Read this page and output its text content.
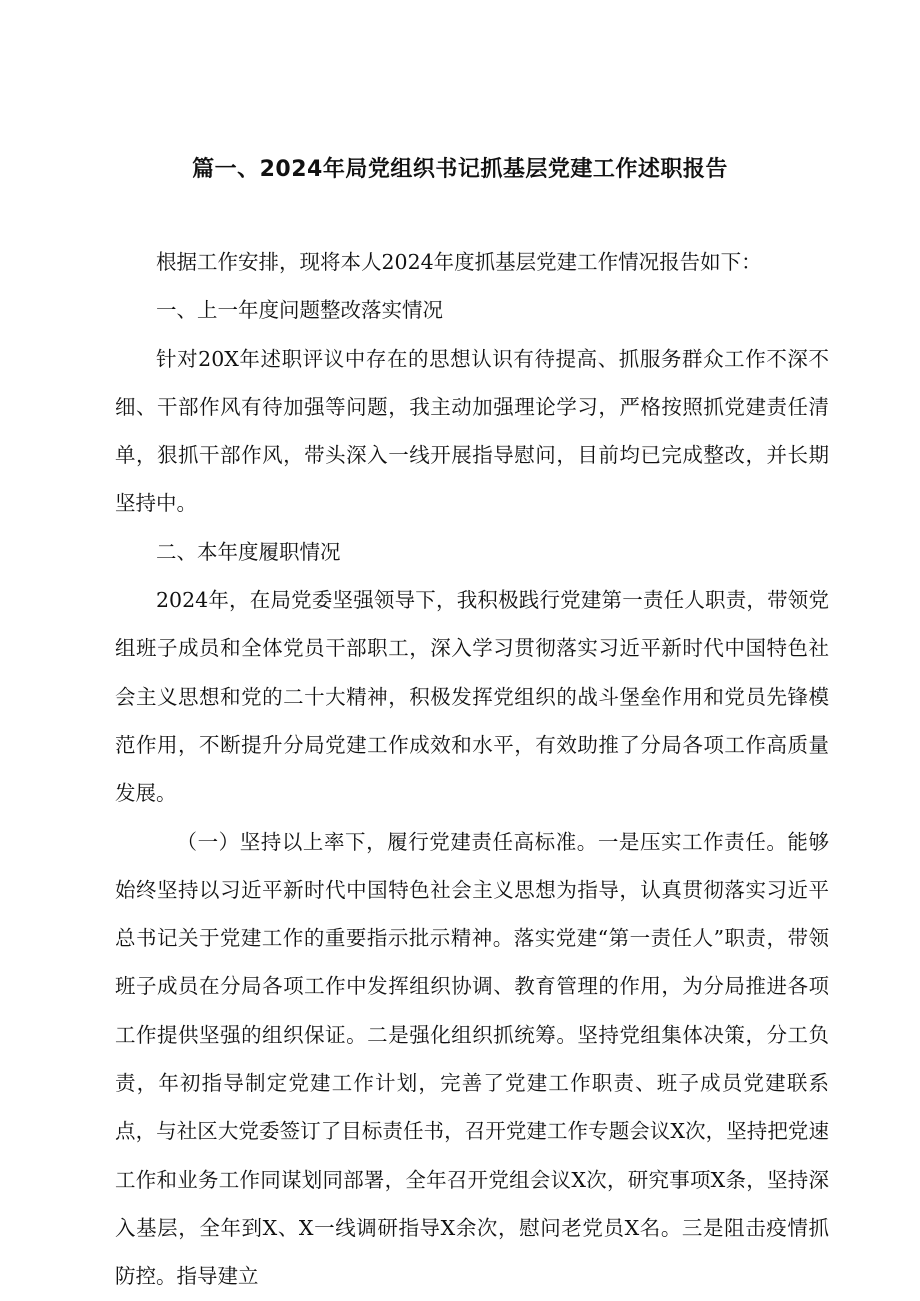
篇一、2024年局党组织书记抓基层党建工作述职报告

根据工作安排，现将本人2024年度抓基层党建工作情况报告如下：

一、上一年度问题整改落实情况

针对20X年述职评议中存在的思想认识有待提高、抓服务群众工作不深不细、干部作风有待加强等问题，我主动加强理论学习，严格按照抓党建责任清单，狠抓干部作风，带头深入一线开展指导慰问，目前均已完成整改，并长期坚持中。

二、本年度履职情况

2024年，在局党委坚强领导下，我积极践行党建第一责任人职责，带领党组班子成员和全体党员干部职工，深入学习贯彻落实习近平新时代中国特色社会主义思想和党的二十大精神，积极发挥党组织的战斗堡垒作用和党员先锋模范作用，不断提升分局党建工作成效和水平，有效助推了分局各项工作高质量发展。

（一）坚持以上率下，履行党建责任高标准。一是压实工作责任。能够始终坚持以习近平新时代中国特色社会主义思想为指导，认真贯彻落实习近平总书记关于党建工作的重要指示批示精神。落实党建“第一责任人”职责，带领班子成员在分局各项工作中发挥组织协调、教育管理的作用，为分局推进各项工作提供坚强的组织保证。二是强化组织抓统筹。坚持党组集体决策，分工负责，年初指导制定党建工作计划，完善了党建工作职责、班子成员党建联系点，与社区大党委签订了目标责任书，召开党建工作专题会议X次，坚持把党速工作和业务工作同谋划同部署，全年召开党组会议X次，研究事项X条，坚持深入基层，全年到X、X一线调研指导X余次，慰问老党员X名。三是阻击疫情抓防控。指导建立
